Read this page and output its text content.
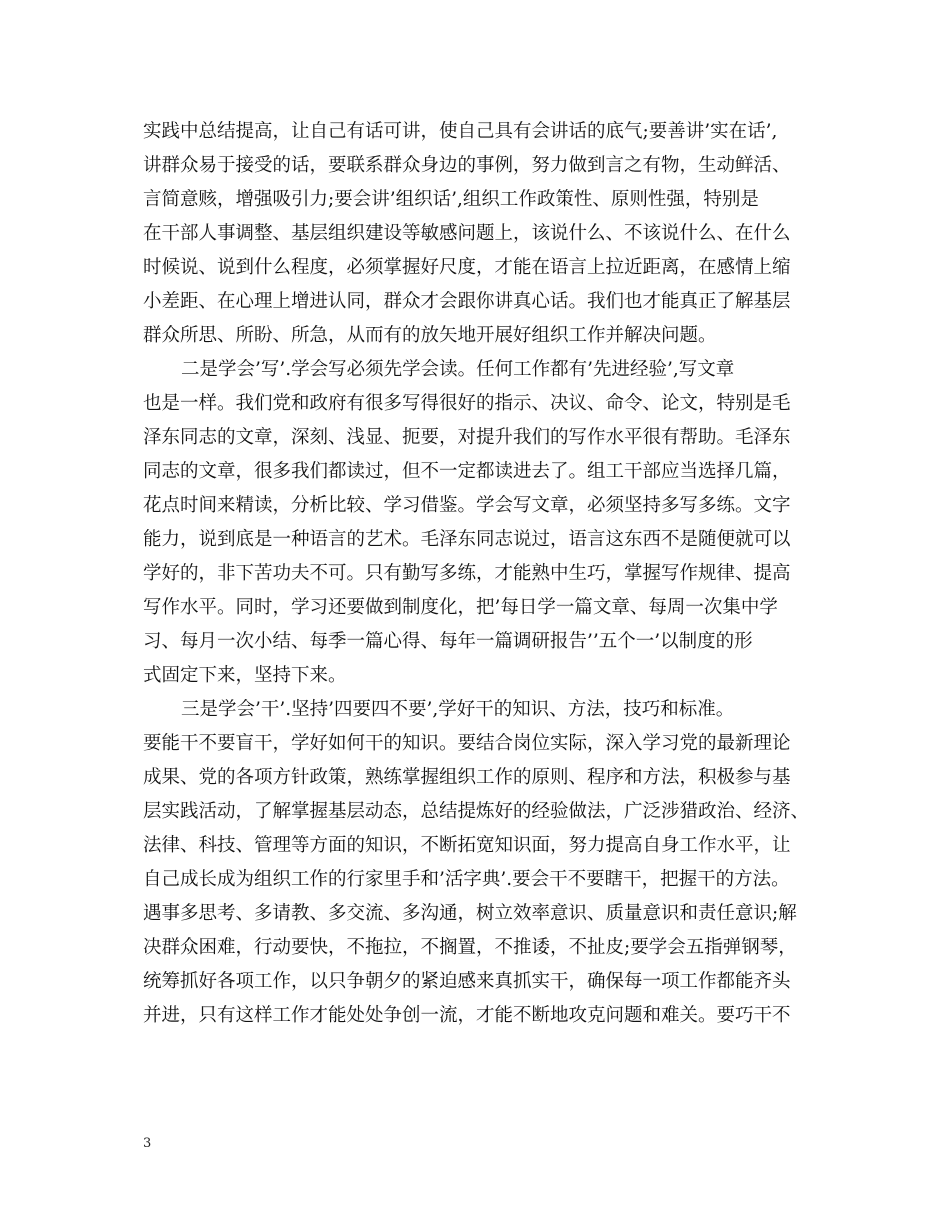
实践中总结提高，让自己有话可讲，使自己具有会讲话的底气;要善讲’实在话’,
讲群众易于接受的话，要联系群众身边的事例，努力做到言之有物，生动鲜活、
言简意赅，增强吸引力;要会讲’组织话’,组织工作政策性、原则性强，特别是
在干部人事调整、基层组织建设等敏感问题上，该说什么、不该说什么、在什么
时候说、说到什么程度，必须掌握好尺度，才能在语言上拉近距离，在感情上缩
小差距、在心理上增进认同，群众才会跟你讲真心话。我们也才能真正了解基层
群众所思、所盼、所急，从而有的放矢地开展好组织工作并解决问题。
二是学会’写’.学会写必须先学会读。任何工作都有’先进经验’,写文章
也是一样。我们党和政府有很多写得很好的指示、决议、命令、论文，特别是毛
泽东同志的文章，深刻、浅显、扼要，对提升我们的写作水平很有帮助。毛泽东
同志的文章，很多我们都读过，但不一定都读进去了。组工干部应当选择几篇，
花点时间来精读，分析比较、学习借鉴。学会写文章，必须坚持多写多练。文字
能力，说到底是一种语言的艺术。毛泽东同志说过，语言这东西不是随便就可以
学好的，非下苦功夫不可。只有勤写多练，才能熟中生巧，掌握写作规律、提高
写作水平。同时，学习还要做到制度化，把’每日学一篇文章、每周一次集中学
习、每月一次小结、每季一篇心得、每年一篇调研报告’’五个一’以制度的形
式固定下来，坚持下来。
三是学会’干’.坚持’四要四不要’,学好干的知识、方法，技巧和标准。
要能干不要盲干，学好如何干的知识。要结合岗位实际，深入学习党的最新理论
成果、党的各项方针政策，熟练掌握组织工作的原则、程序和方法，积极参与基
层实践活动，了解掌握基层动态，总结提炼好的经验做法，广泛涉猎政治、经济、
法律、科技、管理等方面的知识，不断拓宽知识面，努力提高自身工作水平，让
自己成长成为组织工作的行家里手和’活字典’.要会干不要瞎干，把握干的方法。
遇事多思考、多请教、多交流、多沟通，树立效率意识、质量意识和责任意识;解
决群众困难，行动要快，不拖拉，不搁置，不推诿，不扯皮;要学会五指弹钢琴，
统筹抓好各项工作，以只争朝夕的紧迫感来真抓实干，确保每一项工作都能齐头
并进，只有这样工作才能处处争创一流，才能不断地攻克问题和难关。要巧干不
3
